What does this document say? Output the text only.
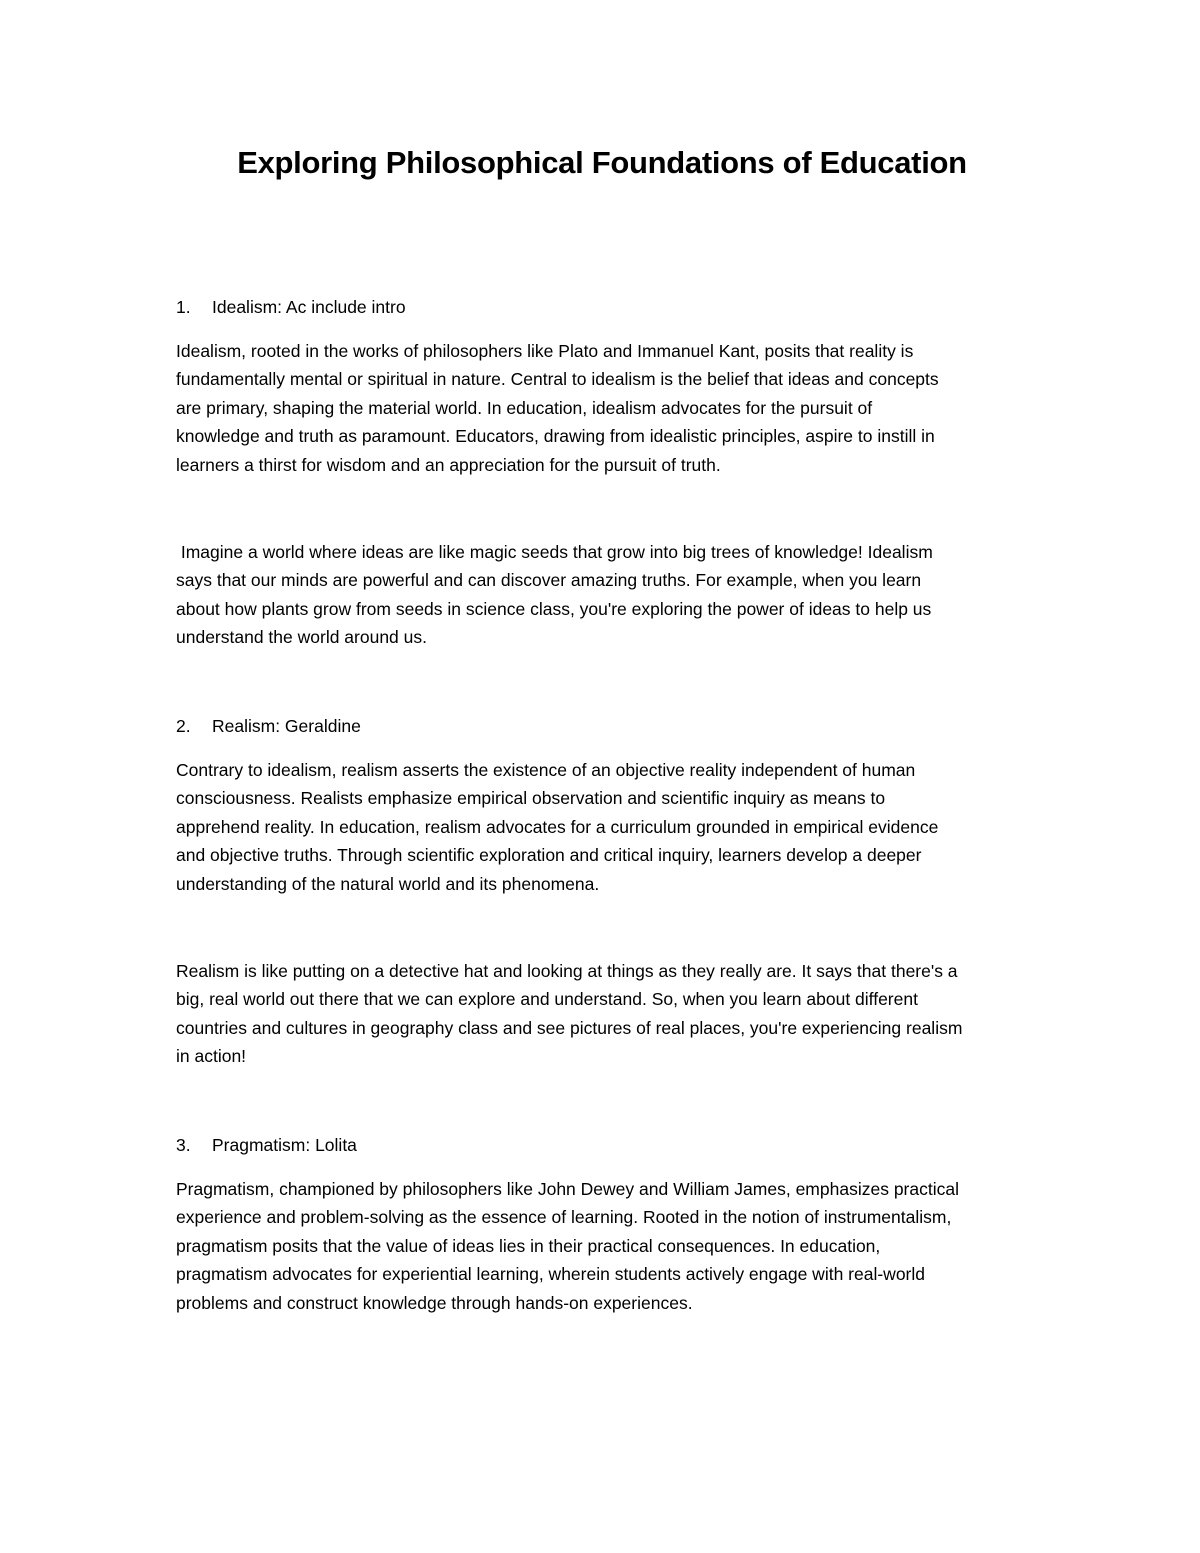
Exploring Philosophical Foundations of Education
1. Idealism: Ac include intro
Idealism, rooted in the works of philosophers like Plato and Immanuel Kant, posits that reality is
fundamentally mental or spiritual in nature. Central to idealism is the belief that ideas and concepts
are primary, shaping the material world. In education, idealism advocates for the pursuit of
knowledge and truth as paramount. Educators, drawing from idealistic principles, aspire to instill in
learners a thirst for wisdom and an appreciation for the pursuit of truth.
Imagine a world where ideas are like magic seeds that grow into big trees of knowledge! Idealism
says that our minds are powerful and can discover amazing truths. For example, when you learn
about how plants grow from seeds in science class, you're exploring the power of ideas to help us
understand the world around us.
2. Realism: Geraldine
Contrary to idealism, realism asserts the existence of an objective reality independent of human
consciousness. Realists emphasize empirical observation and scientific inquiry as means to
apprehend reality. In education, realism advocates for a curriculum grounded in empirical evidence
and objective truths. Through scientific exploration and critical inquiry, learners develop a deeper
understanding of the natural world and its phenomena.
Realism is like putting on a detective hat and looking at things as they really are. It says that there's a
big, real world out there that we can explore and understand. So, when you learn about different
countries and cultures in geography class and see pictures of real places, you're experiencing realism
in action!
3. Pragmatism: Lolita
Pragmatism, championed by philosophers like John Dewey and William James, emphasizes practical
experience and problem-solving as the essence of learning. Rooted in the notion of instrumentalism,
pragmatism posits that the value of ideas lies in their practical consequences. In education,
pragmatism advocates for experiential learning, wherein students actively engage with real-world
problems and construct knowledge through hands-on experiences.
